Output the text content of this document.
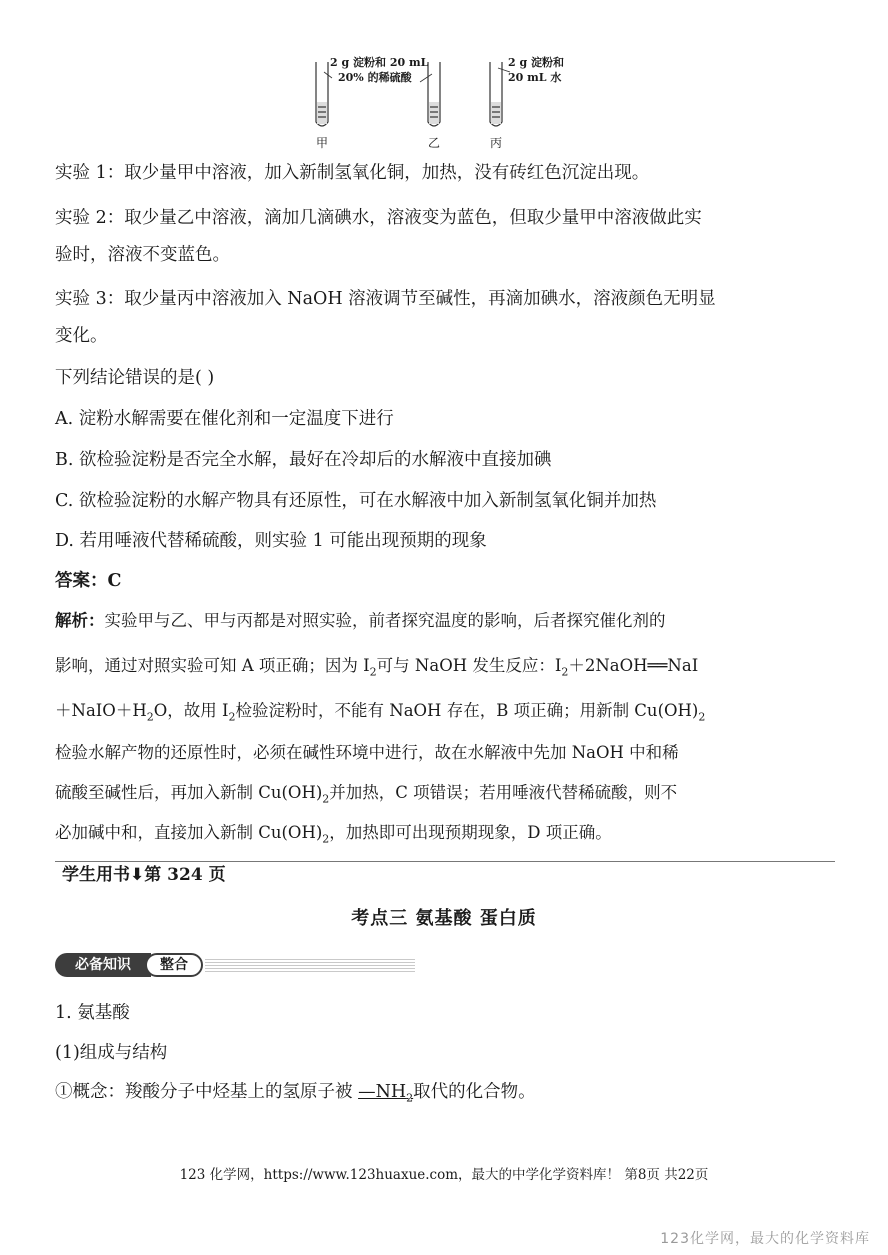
2 g 淀粉和 20 mL
20% 的稀硫酸
2 g 淀粉和
20 mL 水
甲	乙	丙
实验 1：取少量甲中溶液，加入新制氢氧化铜，加热，没有砖红色沉淀出现。
实验 2：取少量乙中溶液，滴加几滴碘水，溶液变为蓝色，但取少量甲中溶液做此实
验时，溶液不变蓝色。
实验 3：取少量丙中溶液加入 NaOH 溶液调节至碱性，再滴加碘水，溶液颜色无明显
变化。
下列结论错误的是( )
A. 淀粉水解需要在催化剂和一定温度下进行
B. 欲检验淀粉是否完全水解，最好在冷却后的水解液中直接加碘
C. 欲检验淀粉的水解产物具有还原性，可在水解液中加入新制氢氧化铜并加热
D. 若用唾液代替稀硫酸，则实验 1 可能出现预期的现象
答案：C
解析：实验甲与乙、甲与丙都是对照实验，前者探究温度的影响，后者探究催化剂的
影响，通过对照实验可知 A 项正确；因为 $I_2$可与 NaOH 发生反应：$I_2+2NaOH══NaI$
$+NaIO+H_2O$，故用 $I_2$检验淀粉时，不能有 NaOH 存在，B 项正确；用新制 $Cu(OH)_2$
检验水解产物的还原性时，必须在碱性环境中进行，故在水解液中先加 NaOH 中和稀
硫酸至碱性后，再加入新制 $Cu(OH)_2$并加热，C 项错误；若用唾液代替稀硫酸，则不
必加碱中和，直接加入新制 $Cu(OH)_2$，加热即可出现预期现象，D 项正确。
学生用书⬇第 324 页
考点三 氨基酸 蛋白质
必备知识	整合
1. 氨基酸
(1)组成与结构
①概念：羧酸分子中烃基上的氢原子被 $—NH_2$取代的化合物。
123 化学网，https://www.123huaxue.com，最大的中学化学资料库！ 第8页 共22页
123化学网，最大的化学资料库
